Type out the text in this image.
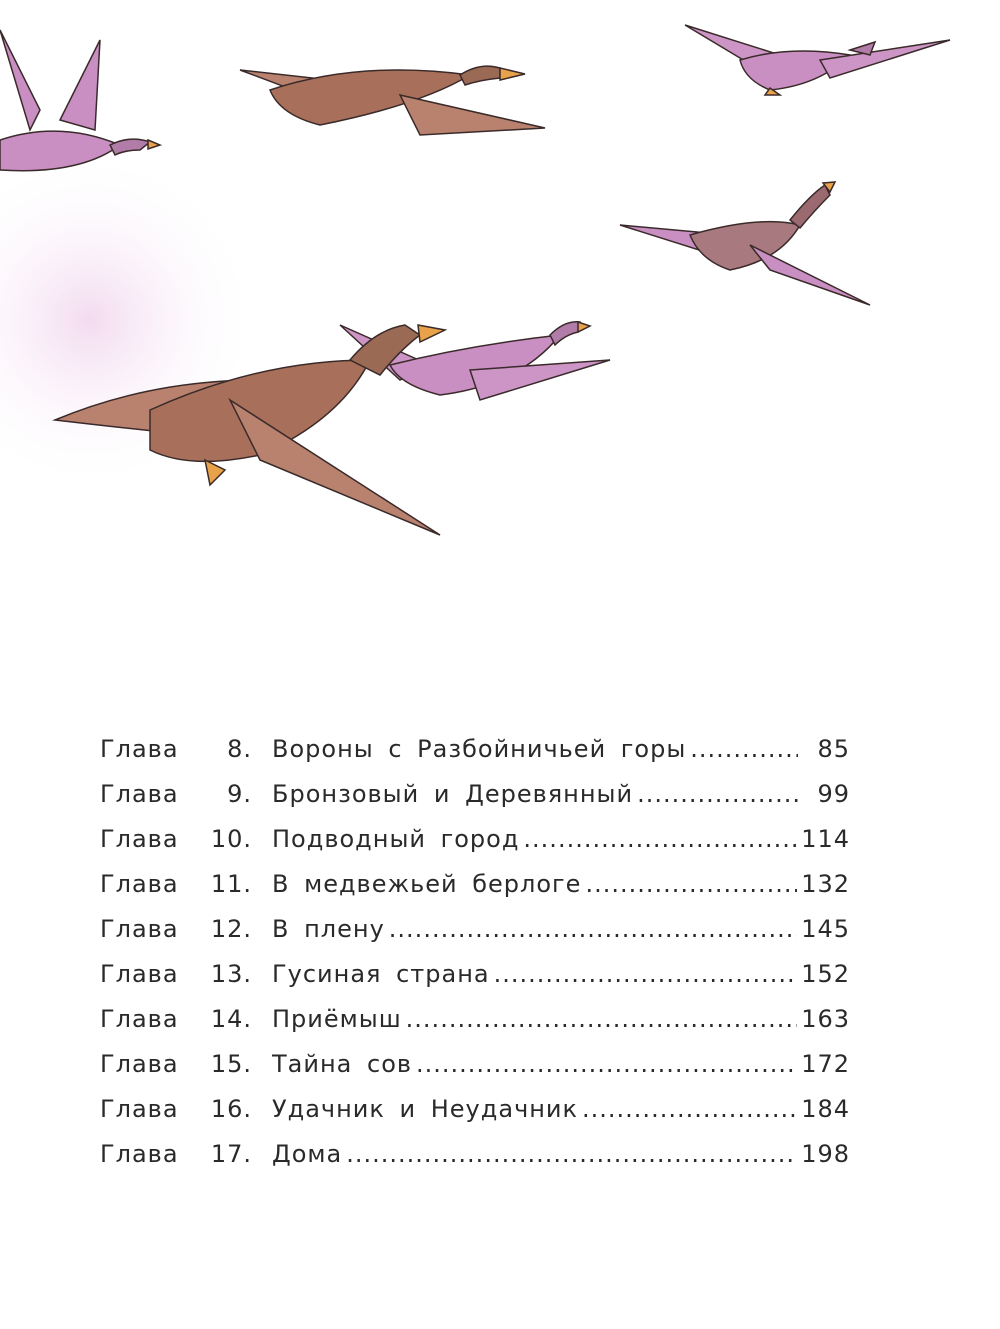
Глава	8. Вороны с Разбойничьей горы .....	85
Глава	9. Бронзовый и Деревянный .....	99
Глава	10. Подводный город .....	114
Глава	11. В медвежьей берлоге .....	132
Глава	12. В плену .....	145
Глава	13. Гусиная страна .....	152
Глава	14. Приёмыш .....	163
Глава	15. Тайна сов .....	172
Глава	16. Удачник и Неудачник .....	184
Глава	17. Дома .....	198
